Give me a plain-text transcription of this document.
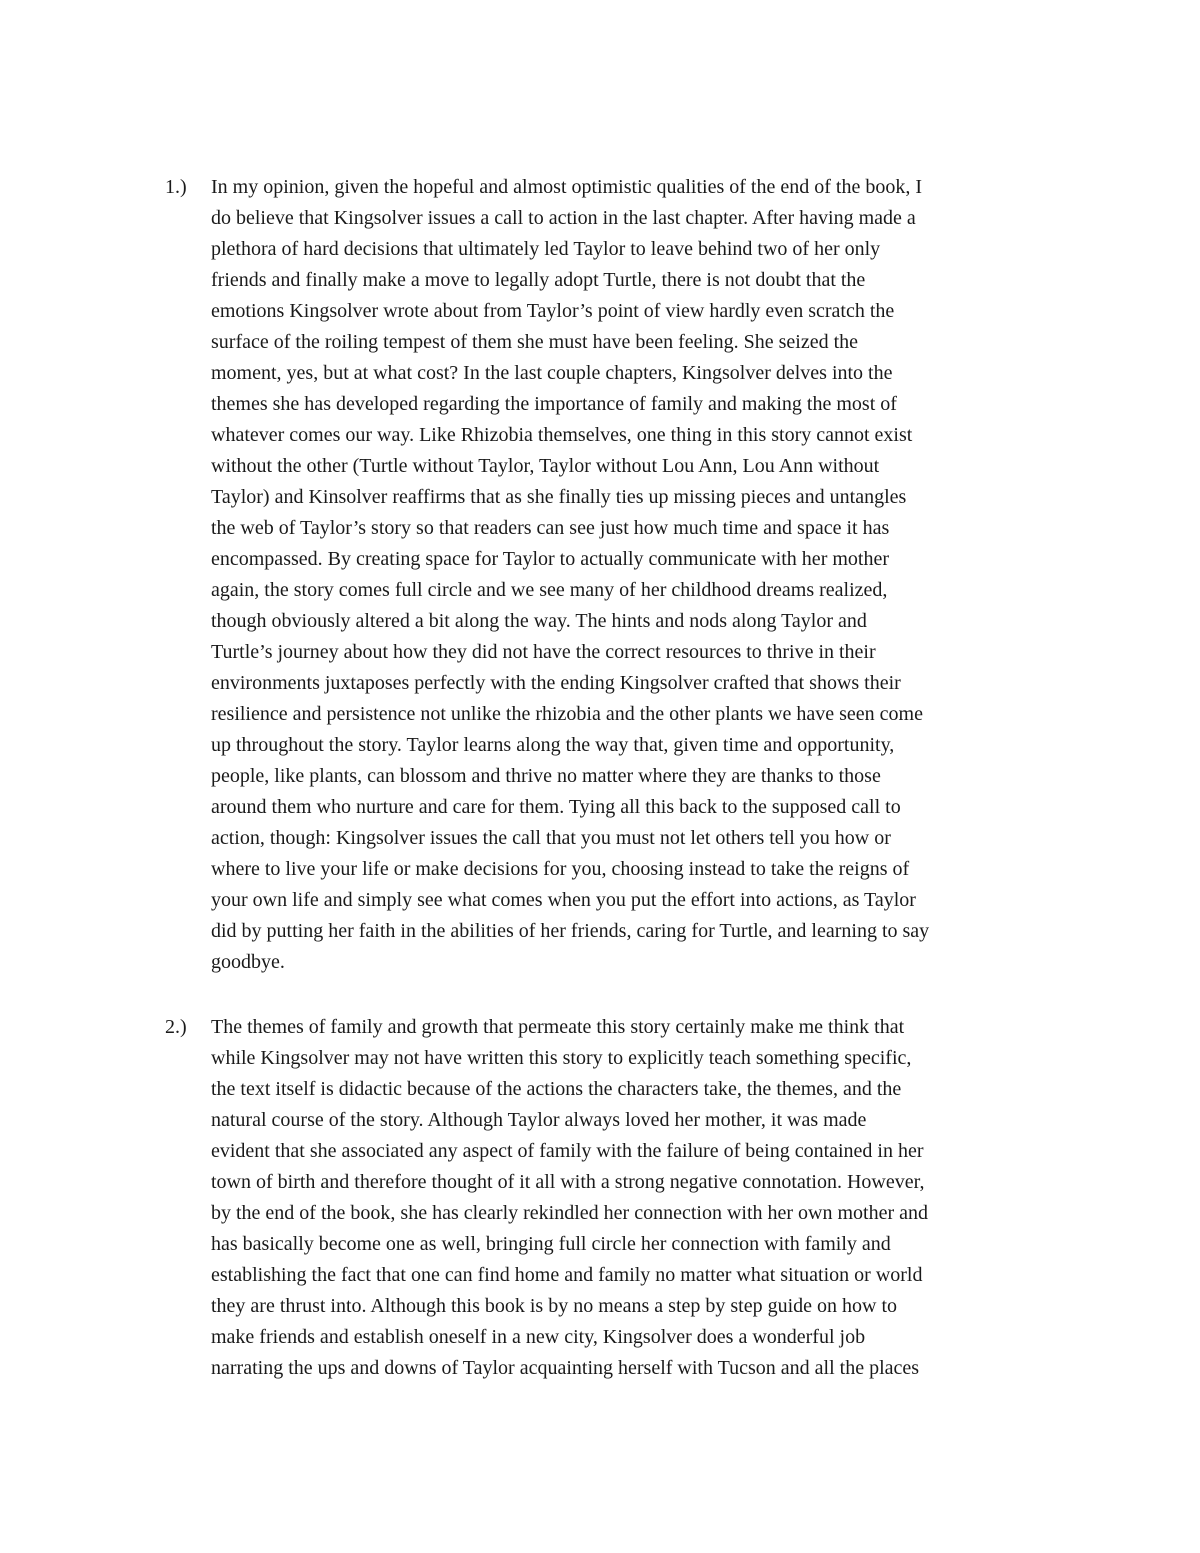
1.)	In my opinion, given the hopeful and almost optimistic qualities of the end of the book, I
do believe that Kingsolver issues a call to action in the last chapter. After having made a
plethora of hard decisions that ultimately led Taylor to leave behind two of her only
friends and finally make a move to legally adopt Turtle, there is not doubt that the
emotions Kingsolver wrote about from Taylor’s point of view hardly even scratch the
surface of the roiling tempest of them she must have been feeling. She seized the
moment, yes, but at what cost? In the last couple chapters, Kingsolver delves into the
themes she has developed regarding the importance of family and making the most of
whatever comes our way. Like Rhizobia themselves, one thing in this story cannot exist
without the other (Turtle without Taylor, Taylor without Lou Ann, Lou Ann without
Taylor) and Kinsolver reaffirms that as she finally ties up missing pieces and untangles
the web of Taylor’s story so that readers can see just how much time and space it has
encompassed. By creating space for Taylor to actually communicate with her mother
again, the story comes full circle and we see many of her childhood dreams realized,
though obviously altered a bit along the way. The hints and nods along Taylor and
Turtle’s journey about how they did not have the correct resources to thrive in their
environments juxtaposes perfectly with the ending Kingsolver crafted that shows their
resilience and persistence not unlike the rhizobia and the other plants we have seen come
up throughout the story. Taylor learns along the way that, given time and opportunity,
people, like plants, can blossom and thrive no matter where they are thanks to those
around them who nurture and care for them. Tying all this back to the supposed call to
action, though: Kingsolver issues the call that you must not let others tell you how or
where to live your life or make decisions for you, choosing instead to take the reigns of
your own life and simply see what comes when you put the effort into actions, as Taylor
did by putting her faith in the abilities of her friends, caring for Turtle, and learning to say
goodbye.
2.)	The themes of family and growth that permeate this story certainly make me think that
while Kingsolver may not have written this story to explicitly teach something specific,
the text itself is didactic because of the actions the characters take, the themes, and the
natural course of the story. Although Taylor always loved her mother, it was made
evident that she associated any aspect of family with the failure of being contained in her
town of birth and therefore thought of it all with a strong negative connotation. However,
by the end of the book, she has clearly rekindled her connection with her own mother and
has basically become one as well, bringing full circle her connection with family and
establishing the fact that one can find home and family no matter what situation or world
they are thrust into. Although this book is by no means a step by step guide on how to
make friends and establish oneself in a new city, Kingsolver does a wonderful job
narrating the ups and downs of Taylor acquainting herself with Tucson and all the places
